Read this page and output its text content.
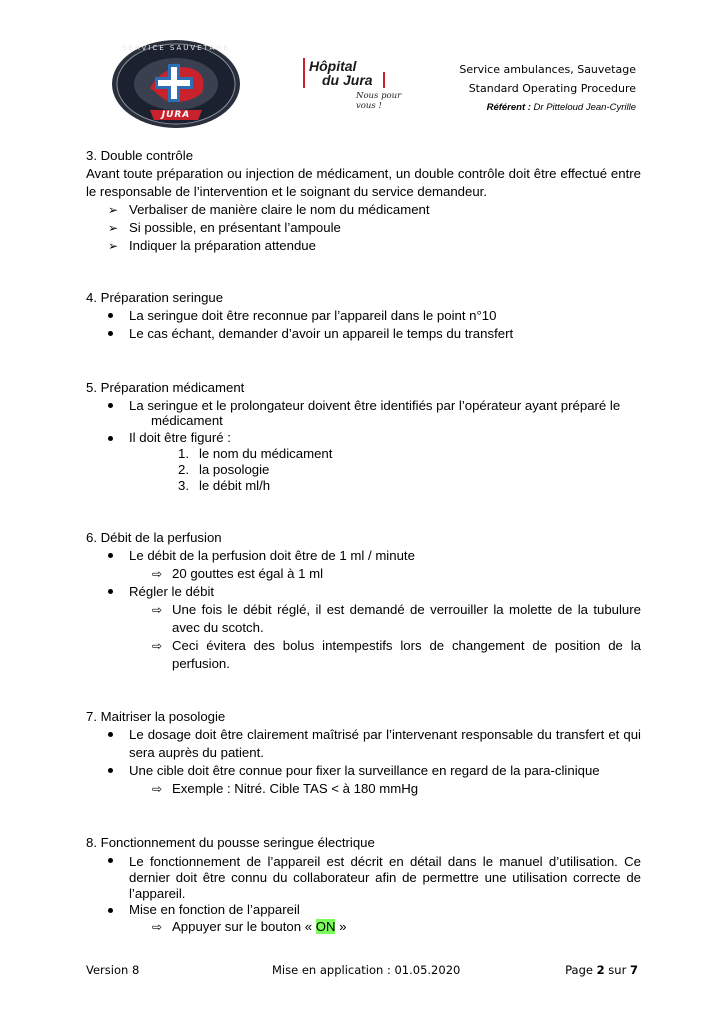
SERVICE SAUVETAGE
JURA
Hôpital
du Jura
Nous pour vous !
Service ambulances, Sauvetage
Standard Operating Procedure
Référent : Dr Pitteloud Jean-Cyrille
3. Double contrôle
Avant toute préparation ou injection de médicament, un double contrôle doit être effectué entre le responsable de l’intervention et le soignant du service demandeur.
➢ Verbaliser de manière claire le nom du médicament
➢ Si possible, en présentant l’ampoule
➢ Indiquer la préparation attendue
4. Préparation seringue
La seringue doit être reconnue par l’appareil dans le point n°10
Le cas échant, demander d’avoir un appareil le temps du transfert
5. Préparation médicament
La seringue et le prolongateur doivent être identifiés par l’opérateur ayant préparé le
médicament
Il doit être figuré :
1. le nom du médicament
2. la posologie
3. le débit ml/h
6. Débit de la perfusion
Le débit de la perfusion doit être de 1 ml / minute
⇨ 20 gouttes est égal à 1 ml
Régler le débit
⇨ Une fois le débit réglé, il est demandé de verrouiller la molette de la tubulure avec du scotch.
⇨ Ceci évitera des bolus intempestifs lors de changement de position de la perfusion.
7. Maitriser la posologie
Le dosage doit être clairement maîtrisé par l’intervenant responsable du transfert et qui sera auprès du patient.
Une cible doit être connue pour fixer la surveillance en regard de la para-clinique
⇨ Exemple : Nitré. Cible TAS < à 180 mmHg
8. Fonctionnement du pousse seringue électrique
Le fonctionnement de l’appareil est décrit en détail dans le manuel d’utilisation. Ce dernier doit être connu du collaborateur afin de permettre une utilisation correcte de l’appareil.
Mise en fonction de l’appareil
⇨ Appuyer sur le bouton « ON »
Version 8	Mise en application : 01.05.2020	Page 2 sur 7
